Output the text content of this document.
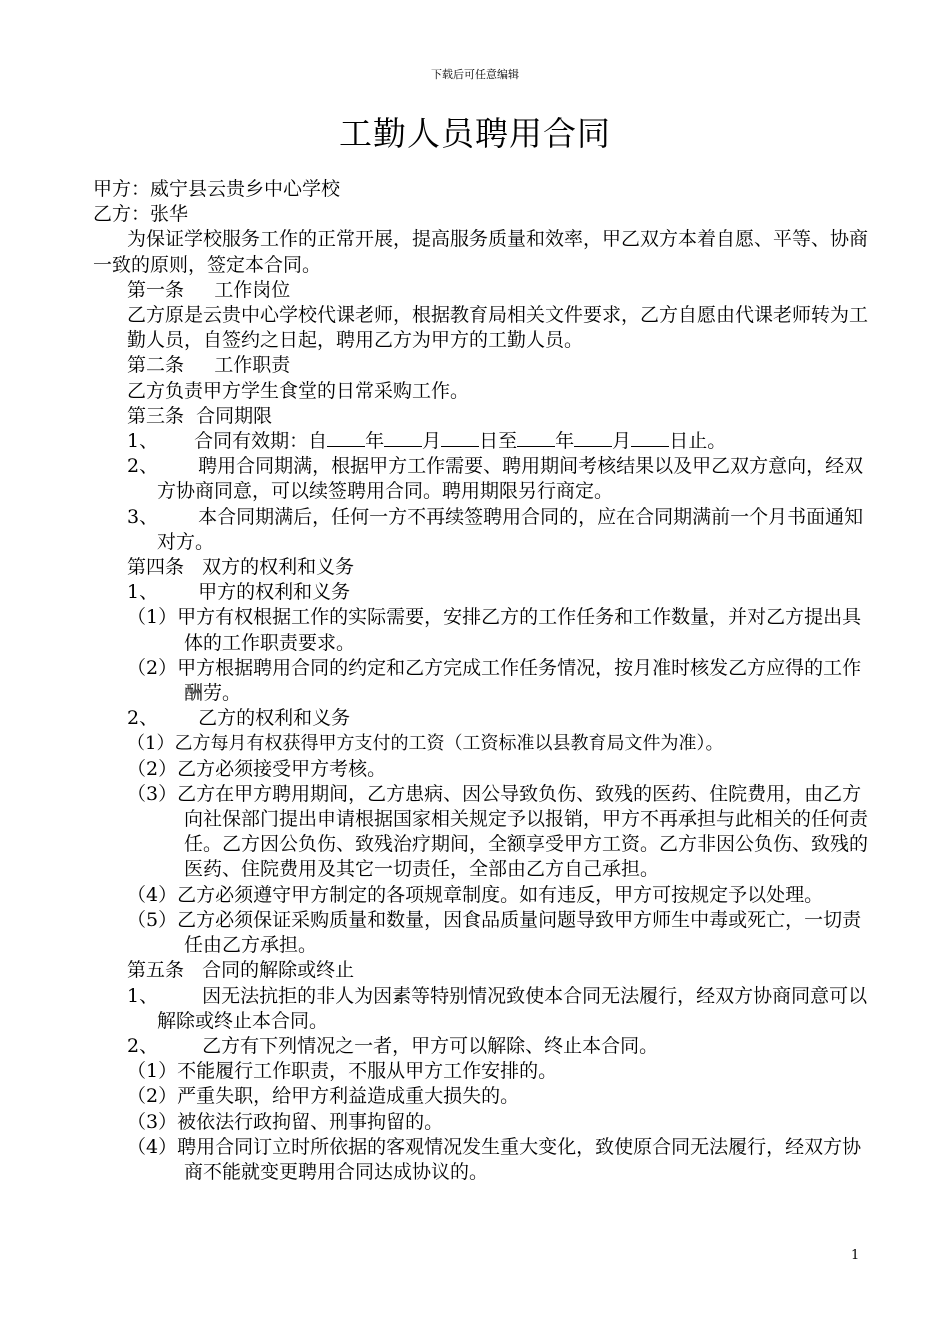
下载后可任意编辑
工勤人员聘用合同
甲方：威宁县云贵乡中心学校
乙方：张华
为保证学校服务工作的正常开展，提高服务质量和效率，甲乙双方本着自愿、平等、协商一致的原则，签定本合同。
第一条     工作岗位
乙方原是云贵中心学校代课老师，根据教育局相关文件要求，乙方自愿由代课老师转为工勤人员，自签约之日起，聘用乙方为甲方的工勤人员。
第二条     工作职责
乙方负责甲方学生食堂的日常采购工作。
第三条  合同期限
1、 合同有效期：自 年 月 日至 年 月 日止。
2、 聘用合同期满，根据甲方工作需要、聘用期间考核结果以及甲乙双方意向，经双方协商同意，可以续签聘用合同。聘用期限另行商定。
3、 本合同期满后，任何一方不再续签聘用合同的，应在合同期满前一个月书面通知对方。
第四条   双方的权利和义务
1、 甲方的权利和义务
（1）甲方有权根据工作的实际需要，安排乙方的工作任务和工作数量，并对乙方提出具体的工作职责要求。
（2）甲方根据聘用合同的约定和乙方完成工作任务情况，按月准时核发乙方应得的工作酬劳。
2、 乙方的权利和义务
（1）乙方每月有权获得甲方支付的工资（工资标准以县教育局文件为准）。
（2）乙方必须接受甲方考核。
（3）乙方在甲方聘用期间，乙方患病、因公导致负伤、致残的医药、住院费用，由乙方向社保部门提出申请根据国家相关规定予以报销，甲方不再承担与此相关的任何责任。乙方因公负伤、致残治疗期间，全额享受甲方工资。乙方非因公负伤、致残的医药、住院费用及其它一切责任，全部由乙方自己承担。
（4）乙方必须遵守甲方制定的各项规章制度。如有违反，甲方可按规定予以处理。
（5）乙方必须保证采购质量和数量，因食品质量问题导致甲方师生中毒或死亡，一切责任由乙方承担。
第五条   合同的解除或终止
1、 因无法抗拒的非人为因素等特别情况致使本合同无法履行，经双方协商同意可以解除或终止本合同。
2、 乙方有下列情况之一者，甲方可以解除、终止本合同。
（1）不能履行工作职责，不服从甲方工作安排的。
（2）严重失职，给甲方利益造成重大损失的。
（3）被依法行政拘留、刑事拘留的。
（4）聘用合同订立时所依据的客观情况发生重大变化，致使原合同无法履行，经双方协商不能就变更聘用合同达成协议的。
1
